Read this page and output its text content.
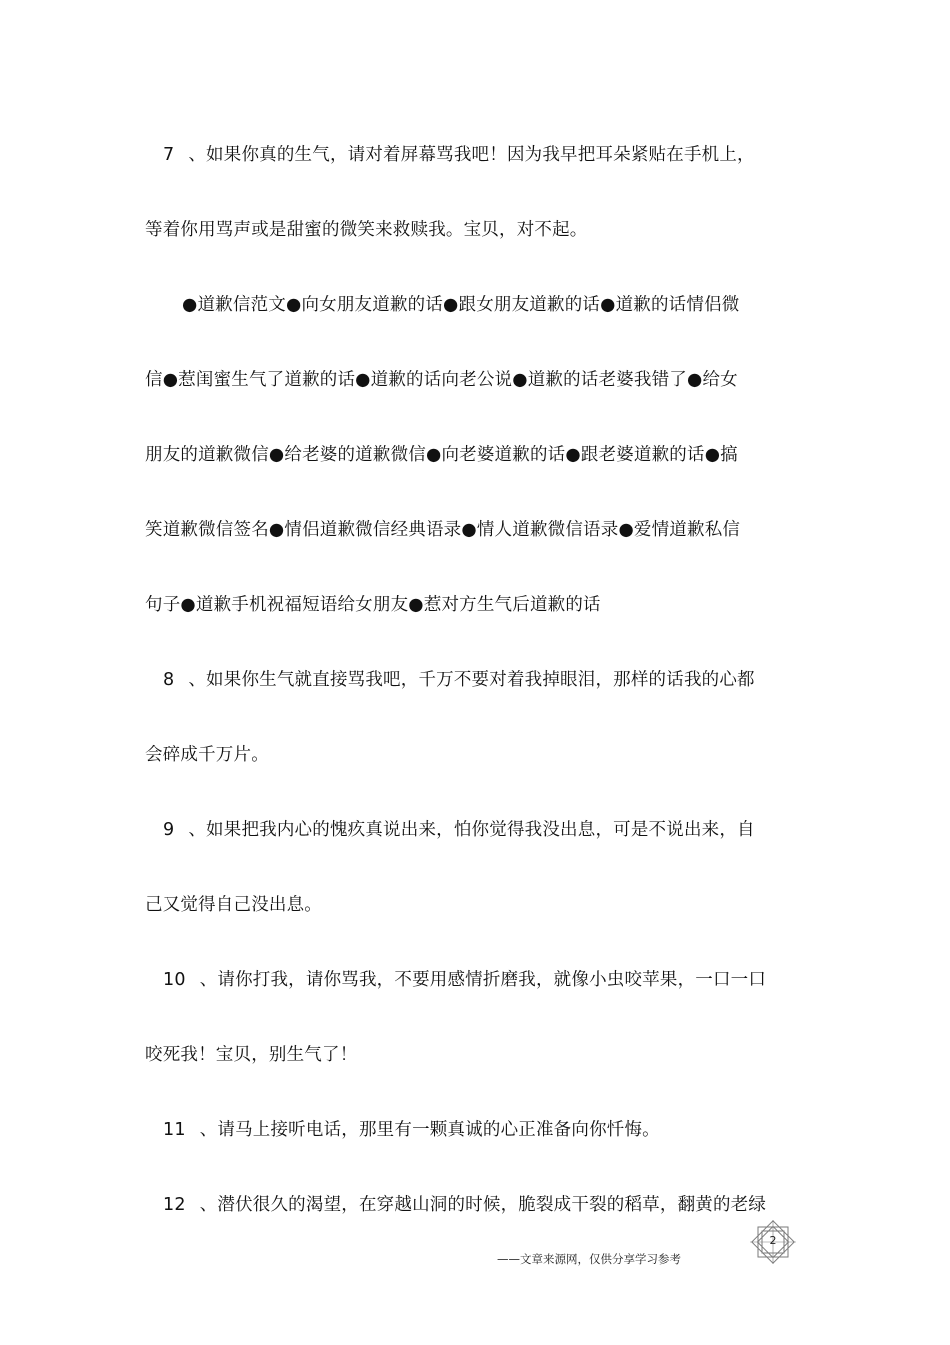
7 、如果你真的生气，请对着屏幕骂我吧！因为我早把耳朵紧贴在手机上，
等着你用骂声或是甜蜜的微笑来救赎我。宝贝，对不起。
●道歉信范文●向女朋友道歉的话●跟女朋友道歉的话●道歉的话情侣微
信●惹闺蜜生气了道歉的话●道歉的话向老公说●道歉的话老婆我错了●给女
朋友的道歉微信●给老婆的道歉微信●向老婆道歉的话●跟老婆道歉的话●搞
笑道歉微信签名●情侣道歉微信经典语录●情人道歉微信语录●爱情道歉私信
句子●道歉手机祝福短语给女朋友●惹对方生气后道歉的话
8 、如果你生气就直接骂我吧，千万不要对着我掉眼泪，那样的话我的心都
会碎成千万片。
9 、如果把我内心的愧疚真说出来，怕你觉得我没出息，可是不说出来，自
己又觉得自己没出息。
10 、请你打我，请你骂我，不要用感情折磨我，就像小虫咬苹果，一口一口
咬死我！宝贝，别生气了！
11 、请马上接听电话，那里有一颗真诚的心正准备向你忏悔。
12 、潜伏很久的渴望，在穿越山洞的时候，脆裂成干裂的稻草，翻黄的老绿
——文章来源网，仅供分享学习参考
2
